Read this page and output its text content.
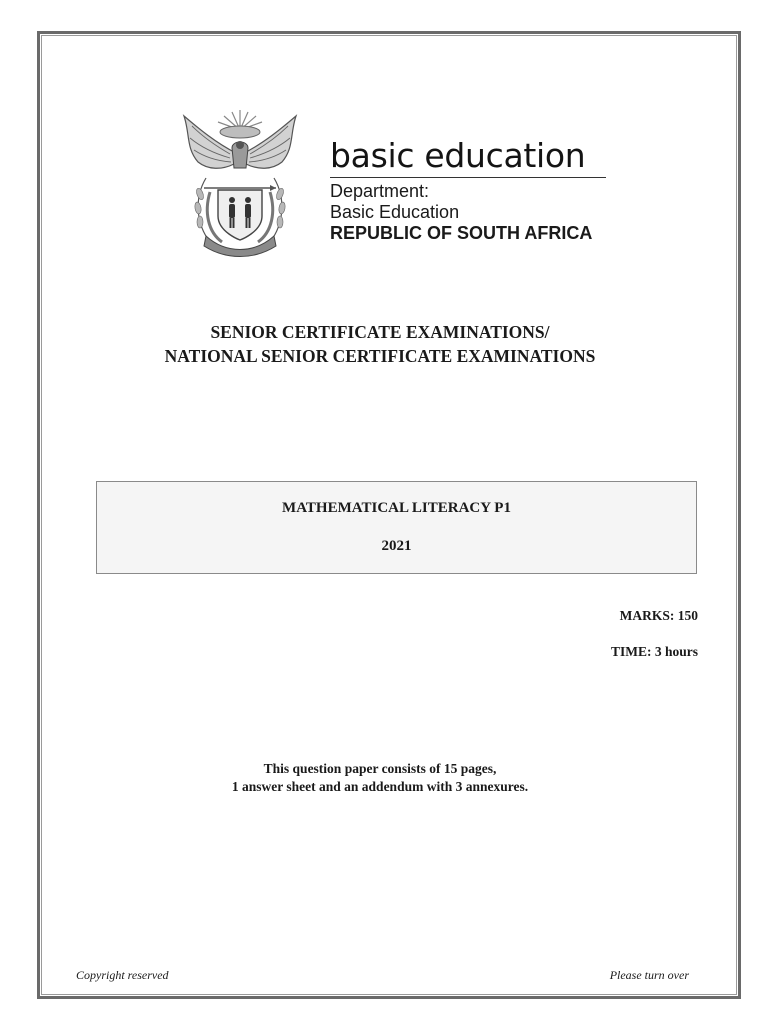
basic education
Department:
Basic Education
REPUBLIC OF SOUTH AFRICA
SENIOR CERTIFICATE EXAMINATIONS/
NATIONAL SENIOR CERTIFICATE EXAMINATIONS
MATHEMATICAL LITERACY P1
2021
MARKS: 150
TIME: 3 hours
This question paper consists of 15 pages,
1 answer sheet and an addendum with 3 annexures.
Copyright reserved	Please turn over
